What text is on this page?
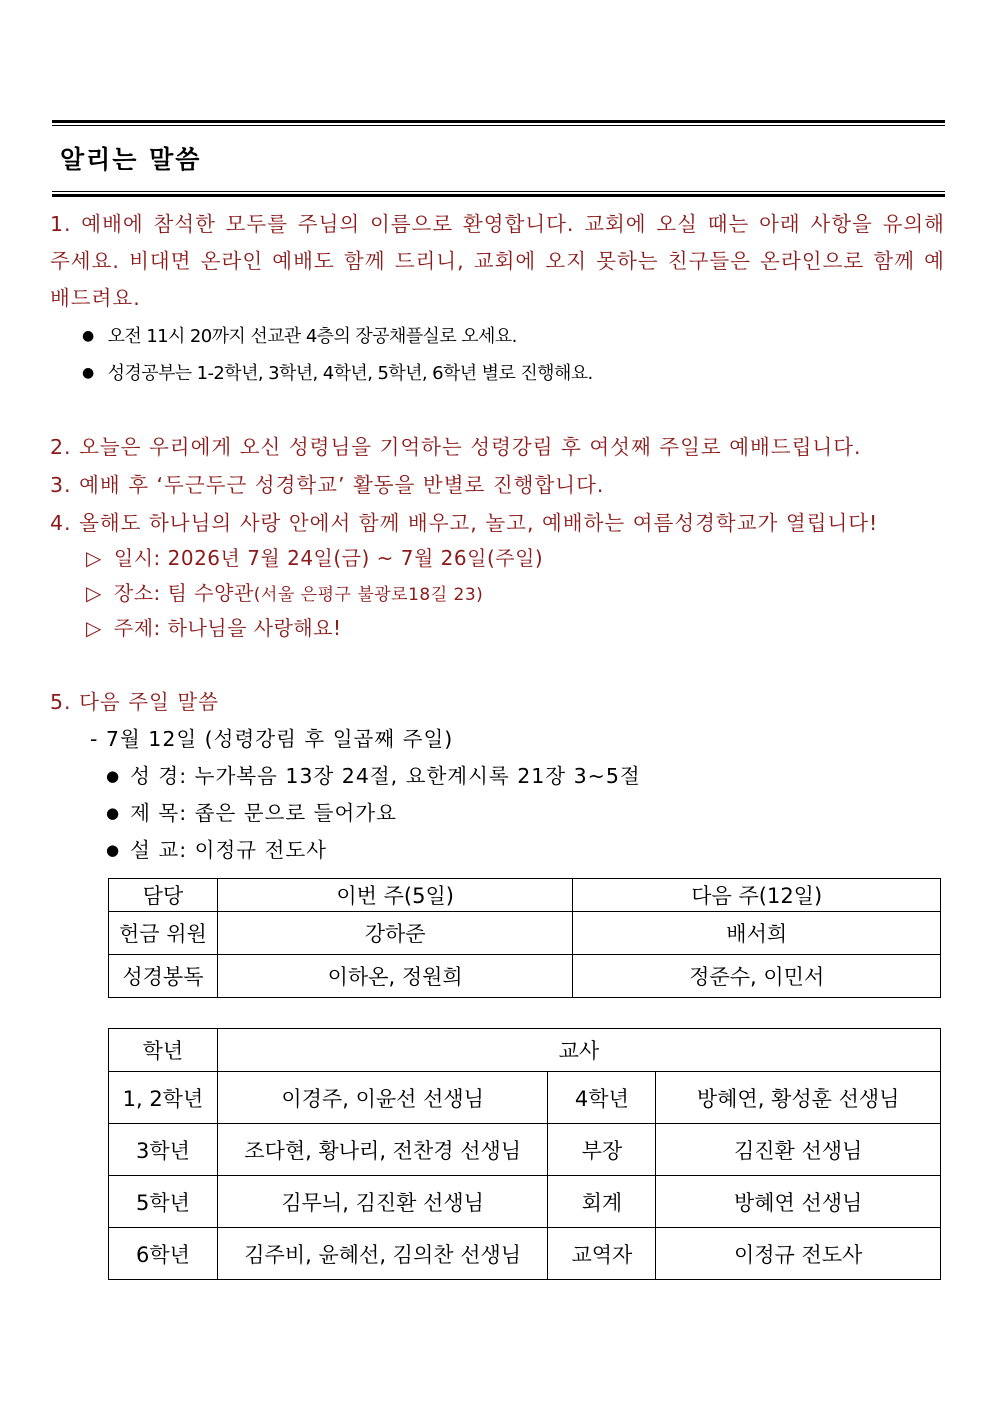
알리는 말씀
1. 예배에 참석한 모두를 주님의 이름으로 환영합니다. 교회에 오실 때는 아래 사항을 유의해 주세요. 비대면 온라인 예배도 함께 드리니, 교회에 오지 못하는 친구들은 온라인으로 함께 예배드려요.
● 오전 11시 20까지 선교관 4층의 장공채플실로 오세요.
● 성경공부는 1-2학년, 3학년, 4학년, 5학년, 6학년 별로 진행해요.
2. 오늘은 우리에게 오신 성령님을 기억하는 성령강림 후 여섯째 주일로 예배드립니다.
3. 예배 후 ‘두근두근 성경학교’ 활동을 반별로 진행합니다.
4. 올해도 하나님의 사랑 안에서 함께 배우고, 놀고, 예배하는 여름성경학교가 열립니다!
▷ 일시: 2026년 7월 24일(금) ~ 7월 26일(주일)
▷ 장소: 팀 수양관(서울 은평구 불광로18길 23)
▷ 주제: 하나님을 사랑해요!
5. 다음 주일 말씀
- 7월 12일 (성령강림 후 일곱째 주일)
● 성 경: 누가복음 13장 24절, 요한계시록 21장 3~5절
● 제 목: 좁은 문으로 들어가요
● 설 교: 이정규 전도사
담당	이번 주(5일)	다음 주(12일)
헌금 위원	강하준	배서희
성경봉독	이하온, 정원희	정준수, 이민서
학년	교사		
1, 2학년	이경주, 이윤선 선생님	4학년	방혜연, 황성훈 선생님
3학년	조다현, 황나리, 전찬경 선생님	부장	김진환 선생님
5학년	김무늬, 김진환 선생님	회계	방혜연 선생님
6학년	김주비, 윤혜선, 김의찬 선생님	교역자	이정규 전도사
